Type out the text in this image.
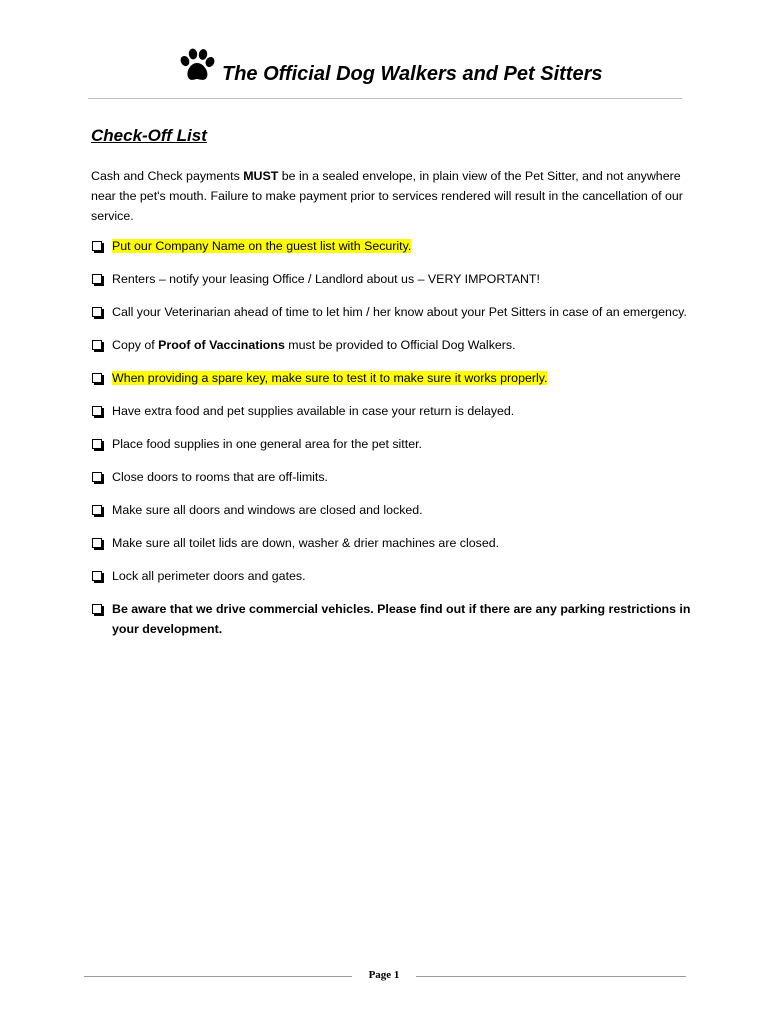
The Official Dog Walkers and Pet Sitters
Check-Off List
Cash and Check payments MUST be in a sealed envelope, in plain view of the Pet Sitter, and not anywhere near the pet's mouth. Failure to make payment prior to services rendered will result in the cancellation of our service.
Put our Company Name on the guest list with Security.
Renters – notify your leasing Office / Landlord about us – VERY IMPORTANT!
Call your Veterinarian ahead of time to let him / her know about your Pet Sitters in case of an emergency.
Copy of Proof of Vaccinations must be provided to Official Dog Walkers.
When providing a spare key, make sure to test it to make sure it works properly.
Have extra food and pet supplies available in case your return is delayed.
Place food supplies in one general area for the pet sitter.
Close doors to rooms that are off-limits.
Make sure all doors and windows are closed and locked.
Make sure all toilet lids are down, washer & drier machines are closed.
Lock all perimeter doors and gates.
Be aware that we drive commercial vehicles. Please find out if there are any parking restrictions in your development.
Page 1
